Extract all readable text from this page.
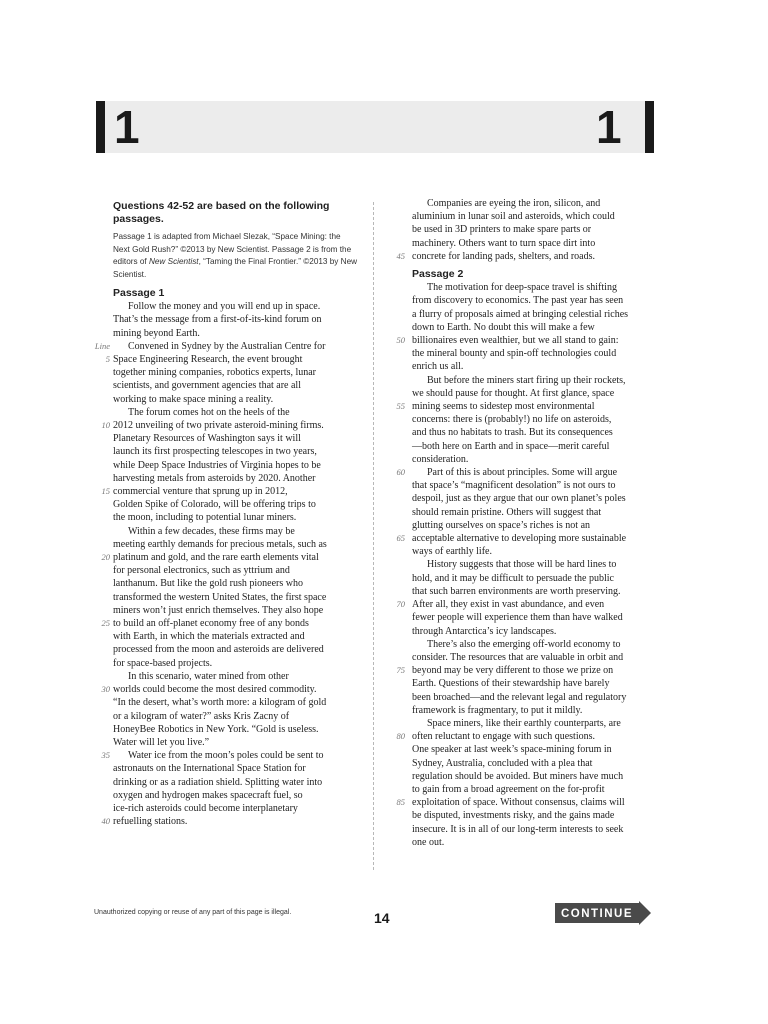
1	1

Questions 42-52 are based on the following passages.

Passage 1 is adapted from Michael Slezak, “Space Mining: the Next Gold Rush?” ©2013 by New Scientist. Passage 2 is from the editors of New Scientist, “Taming the Final Frontier.” ©2013 by New Scientist.

Passage 1

Follow the money and you will end up in space.
That’s the message from a first-of-its-kind forum on
mining beyond Earth.
Line Convened in Sydney by the Australian Centre for
5 Space Engineering Research, the event brought
together mining companies, robotics experts, lunar
scientists, and government agencies that are all
working to make space mining a reality.
The forum comes hot on the heels of the
10 2012 unveiling of two private asteroid-mining firms.
Planetary Resources of Washington says it will
launch its first prospecting telescopes in two years,
while Deep Space Industries of Virginia hopes to be
harvesting metals from asteroids by 2020. Another
15 commercial venture that sprung up in 2012,
Golden Spike of Colorado, will be offering trips to
the moon, including to potential lunar miners.
Within a few decades, these firms may be
meeting earthly demands for precious metals, such as
20 platinum and gold, and the rare earth elements vital
for personal electronics, such as yttrium and
lanthanum. But like the gold rush pioneers who
transformed the western United States, the first space
miners won’t just enrich themselves. They also hope
25 to build an off-planet economy free of any bonds
with Earth, in which the materials extracted and
processed from the moon and asteroids are delivered
for space-based projects.
In this scenario, water mined from other
30 worlds could become the most desired commodity.
“In the desert, what’s worth more: a kilogram of gold
or a kilogram of water?” asks Kris Zacny of
HoneyBee Robotics in New York. “Gold is useless.
Water will let you live.”
35 Water ice from the moon’s poles could be sent to
astronauts on the International Space Station for
drinking or as a radiation shield. Splitting water into
oxygen and hydrogen makes spacecraft fuel, so
ice-rich asteroids could become interplanetary
40 refuelling stations.
Companies are eyeing the iron, silicon, and
aluminium in lunar soil and asteroids, which could
be used in 3D printers to make spare parts or
machinery. Others want to turn space dirt into
45 concrete for landing pads, shelters, and roads.

Passage 2

The motivation for deep-space travel is shifting
from discovery to economics. The past year has seen
a flurry of proposals aimed at bringing celestial riches
down to Earth. No doubt this will make a few
50 billionaires even wealthier, but we all stand to gain:
the mineral bounty and spin-off technologies could
enrich us all.
But before the miners start firing up their rockets,
we should pause for thought. At first glance, space
55 mining seems to sidestep most environmental
concerns: there is (probably!) no life on asteroids,
and thus no habitats to trash. But its consequences
—both here on Earth and in space—merit careful
consideration.
60 Part of this is about principles. Some will argue
that space’s “magnificent desolation” is not ours to
despoil, just as they argue that our own planet’s poles
should remain pristine. Others will suggest that
glutting ourselves on space’s riches is not an
65 acceptable alternative to developing more sustainable
ways of earthly life.
History suggests that those will be hard lines to
hold, and it may be difficult to persuade the public
that such barren environments are worth preserving.
70 After all, they exist in vast abundance, and even
fewer people will experience them than have walked
through Antarctica’s icy landscapes.
There’s also the emerging off-world economy to
consider. The resources that are valuable in orbit and
75 beyond may be very different to those we prize on
Earth. Questions of their stewardship have barely
been broached—and the relevant legal and regulatory
framework is fragmentary, to put it mildly.
Space miners, like their earthly counterparts, are
80 often reluctant to engage with such questions.
One speaker at last week’s space-mining forum in
Sydney, Australia, concluded with a plea that
regulation should be avoided. But miners have much
to gain from a broad agreement on the for-profit
85 exploitation of space. Without consensus, claims will
be disputed, investments risky, and the gains made
insecure. It is in all of our long-term interests to seek
one out.
Unauthorized copying or reuse of any part of this page is illegal.	14	CONTINUE
